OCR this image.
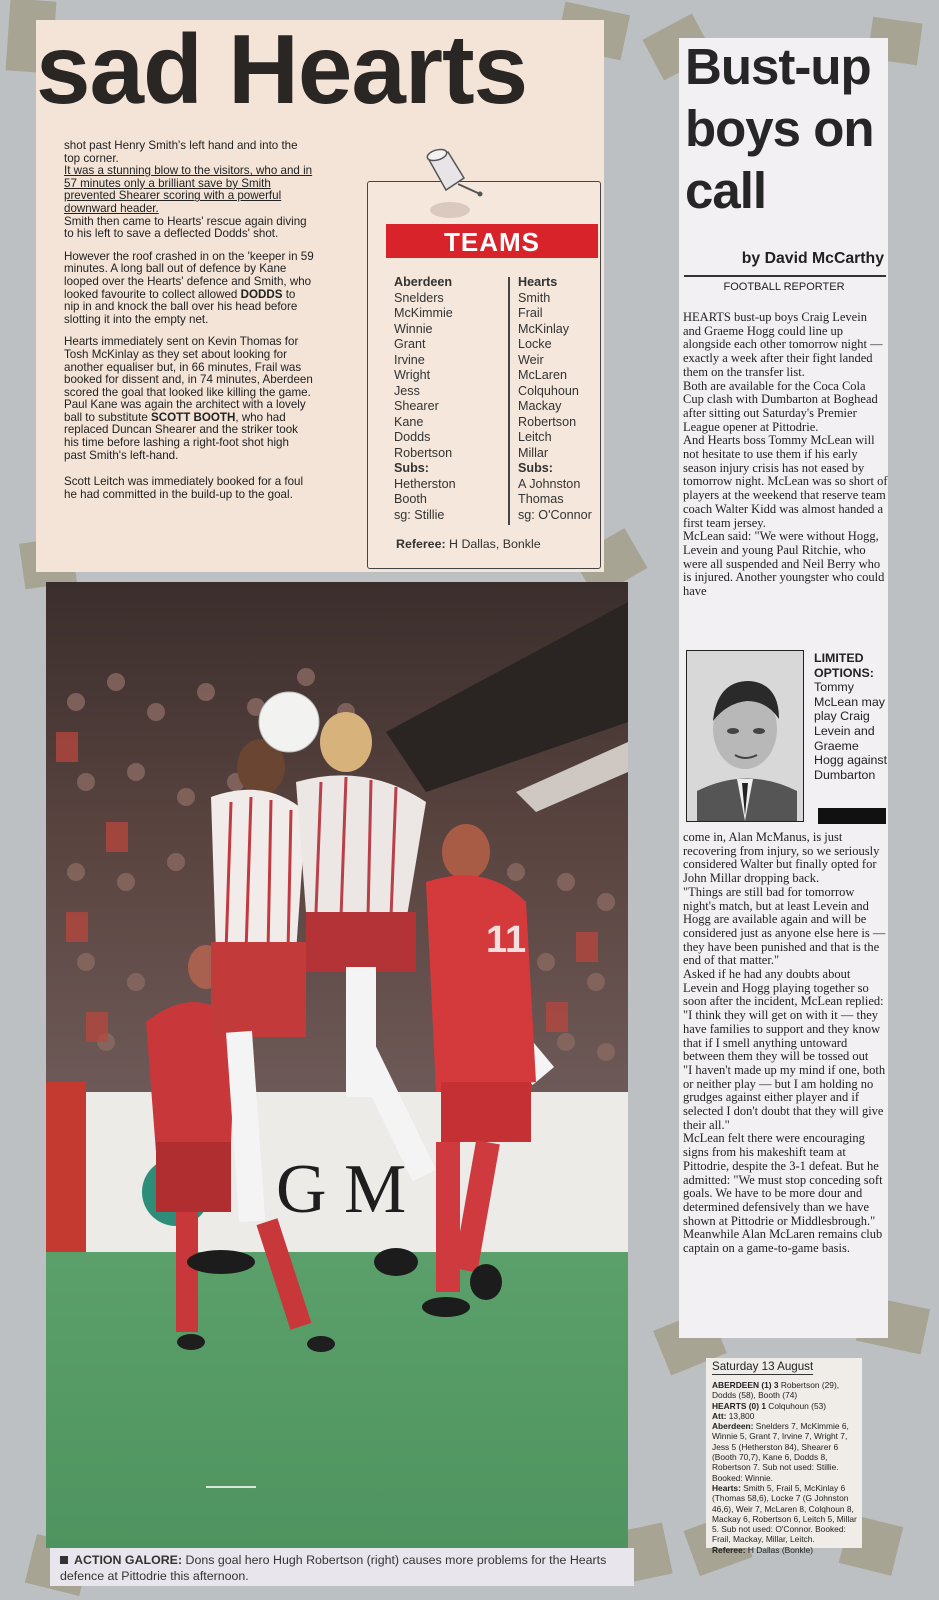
sad Hearts

shot past Henry Smith's left hand and into the top corner.
It was a stunning blow to the visitors, who and in 57 minutes only a brilliant save by Smith prevented Shearer scoring with a powerful downward header.
Smith then came to Hearts' rescue again diving to his left to save a deflected Dodds' shot.

However the roof crashed in on the 'keeper in 59 minutes. A long ball out of defence by Kane looped over the Hearts' defence and Smith, who looked favourite to collect allowed DODDS to nip in and knock the ball over his head before slotting it into the empty net.

Hearts immediately sent on Kevin Thomas for Tosh McKinlay as they set about looking for another equaliser but, in 66 minutes, Frail was booked for dissent and, in 74 minutes, Aberdeen scored the goal that looked like killing the game. Paul Kane was again the architect with a lovely ball to substitute SCOTT BOOTH, who had replaced Duncan Shearer and the striker took his time before lashing a right-foot shot high past Smith's left-hand.

Scott Leitch was immediately booked for a foul he had committed in the build-up to the goal.

TEAMS
Aberdeen
Snelders
McKimmie
Winnie
Grant
Irvine
Wright
Jess
Shearer
Kane
Dodds
Robertson
Subs:
Hetherston
Booth
sg: Stillie
Hearts
Smith
Frail
McKinlay
Locke
Weir
McLaren
Colquhoun
Mackay
Robertson
Leitch
Millar
Subs:
A Johnston
Thomas
sg: O'Connor
Referee: H Dallas, Bonkle
G M
11
ACTION GALORE: Dons goal hero Hugh Robertson (right) causes more problems for the Hearts defence at Pittodrie this afternoon.
Bust-up boys on call
by David McCarthy
FOOTBALL REPORTER

HEARTS bust-up boys Craig Levein and Graeme Hogg could line up alongside each other tomorrow night — exactly a week after their fight landed them on the transfer list.

Both are available for the Coca Cola Cup clash with Dumbarton at Boghead after sitting out Saturday's Premier League opener at Pittodrie.

And Hearts boss Tommy McLean will not hesitate to use them if his early season injury crisis has not eased by tomorrow night. McLean was so short of players at the weekend that reserve team coach Walter Kidd was almost handed a first team jersey.

McLean said: "We were without Hogg, Levein and young Paul Ritchie, who were all suspended and Neil Berry who is injured. Another youngster who could have

LIMITED OPTIONS:
Tommy McLean may play Craig Levein and Graeme Hogg against Dumbarton

come in, Alan McManus, is just recovering from injury, so we seriously considered Walter but finally opted for John Millar dropping back.

"Things are still bad for tomorrow night's match, but at least Levein and Hogg are available again and will be considered just as anyone else here is — they have been punished and that is the end of that matter."

Asked if he had any doubts about Levein and Hogg playing together so soon after the incident, McLean replied: "I think they will get on with it — they have families to support and they know that if I smell anything untoward between them they will be tossed out

"I haven't made up my mind if one, both or neither play — but I am holding no grudges against either player and if selected I don't doubt that they will give their all."

McLean felt there were encouraging signs from his makeshift team at Pittodrie, despite the 3-1 defeat. But he admitted: "We must stop conceding soft goals. We have to be more dour and determined defensively than we have shown at Pittodrie or Middlesbrough."

Meanwhile Alan McLaren remains club captain on a game-to-game basis.

Saturday 13 August
ABERDEEN (1) 3 Robertson (29), Dodds (58), Booth (74)
HEARTS (0) 1 Colquhoun (53)
Att: 13,800
Aberdeen: Snelders 7, McKimmie 6, Winnie 5, Grant 7, Irvine 7, Wright 7, Jess 5 (Hetherston 84), Shearer 6 (Booth 70,7), Kane 6, Dodds 8, Robertson 7. Sub not used: Stillie. Booked: Winnie.
Hearts: Smith 5, Frail 5, McKinlay 6 (Thomas 58,6), Locke 7 (G Johnston 46,6), Weir 7, McLaren 8, Colqhoun 8, Mackay 6, Robertson 6, Leitch 5, Millar 5. Sub not used: O'Connor. Booked: Frail, Mackay, Millar, Leitch.
Referee: H Dallas (Bonkle)
